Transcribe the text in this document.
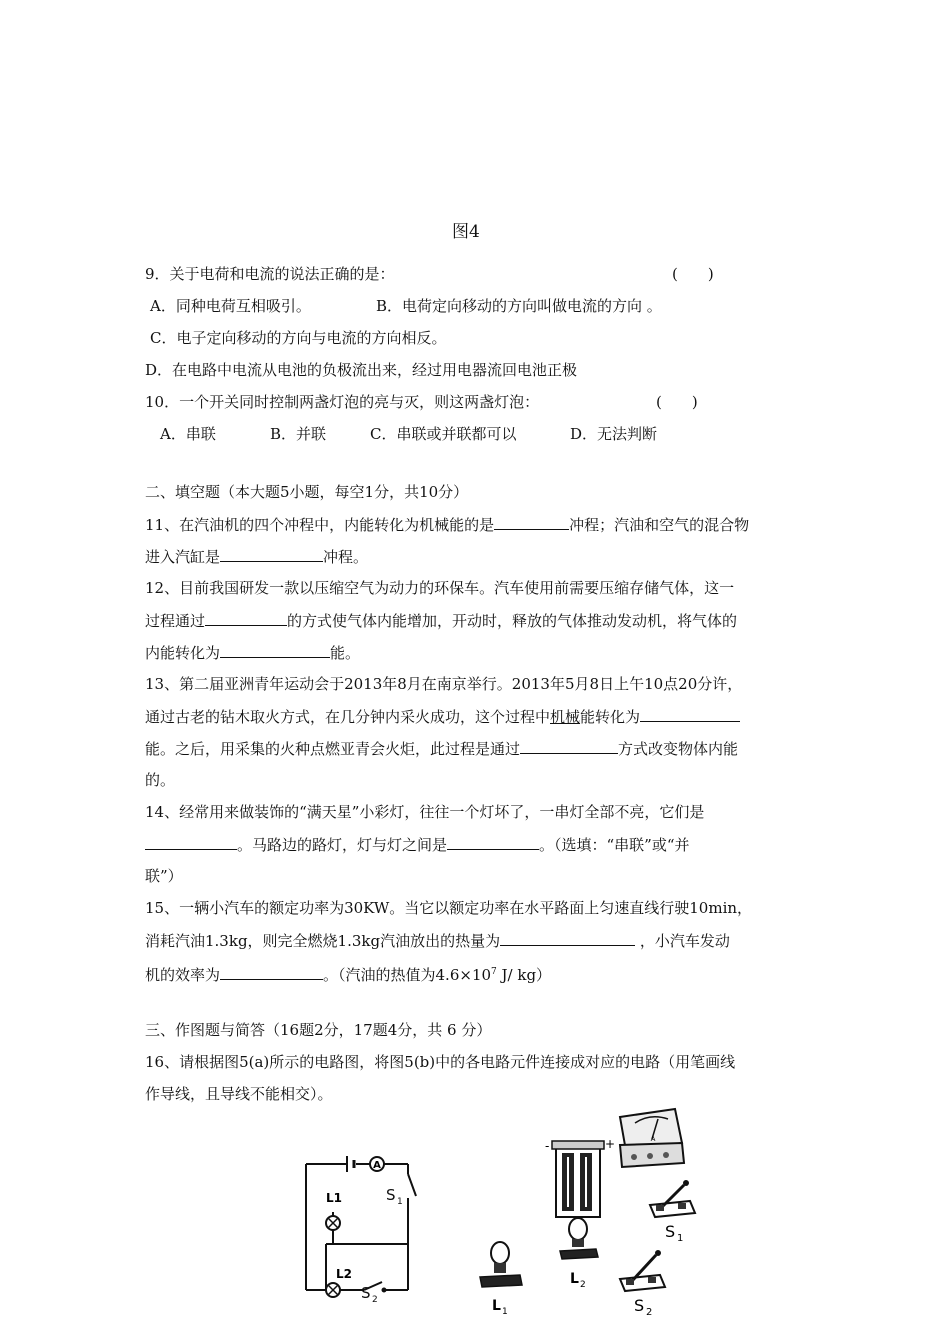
图4
9．关于电荷和电流的说法正确的是：	(　　)
A．同种电荷互相吸引。	B．电荷定向移动的方向叫做电流的方向 。
C．电子定向移动的方向与电流的方向相反。
D．在电路中电流从电池的负极流出来，经过用电器流回电池正极
10．一个开关同时控制两盏灯泡的亮与灭，则这两盏灯泡：	(　　)
A．串联	B．并联	C．串联或并联都可以	D．无法判断
二、填空题（本大题5小题，每空1分，共10分）
11、在汽油机的四个冲程中，内能转化为机械能的是	冲程；汽油和空气的混合物
进入汽缸是	冲程。
12、目前我国研发一款以压缩空气为动力的环保车。汽车使用前需要压缩存储气体，这一
过程通过	的方式使气体内能增加，开动时，释放的气体推动发动机，将气体的
内能转化为	能。
13、第二届亚洲青年运动会于2013年8月在南京举行。2013年5月8日上午10点20分许，
通过古老的钻木取火方式，在几分钟内采火成功，这个过程中机械能转化为
能。之后，用采集的火种点燃亚青会火炬，此过程是通过	方式改变物体内能
的。
14、经常用来做装饰的“满天星”小彩灯，往往一个灯坏了，一串灯全部不亮，它们是
。马路边的路灯，灯与灯之间是	。（选填：“串联”或“并
联”）
15、一辆小汽车的额定功率为30KW。当它以额定功率在水平路面上匀速直线行驶10min，
消耗汽油1.3kg，则完全燃烧1.3kg汽油放出的热量为	，小汽车发动
机的效率为	。（汽油的热值为$4.6\times 10^7$ J/ kg）
三、作图题与简答（16题2分，17题4分，共 6 分）
16、请根据图5(a)所示的电路图，将图5(b)中的各电路元件连接成对应的电路（用笔画线
作导线，且导线不能相交）。
A
L1
L2
S 1
S 2
A
-	+
S 1
L 2
L 1	S 2
